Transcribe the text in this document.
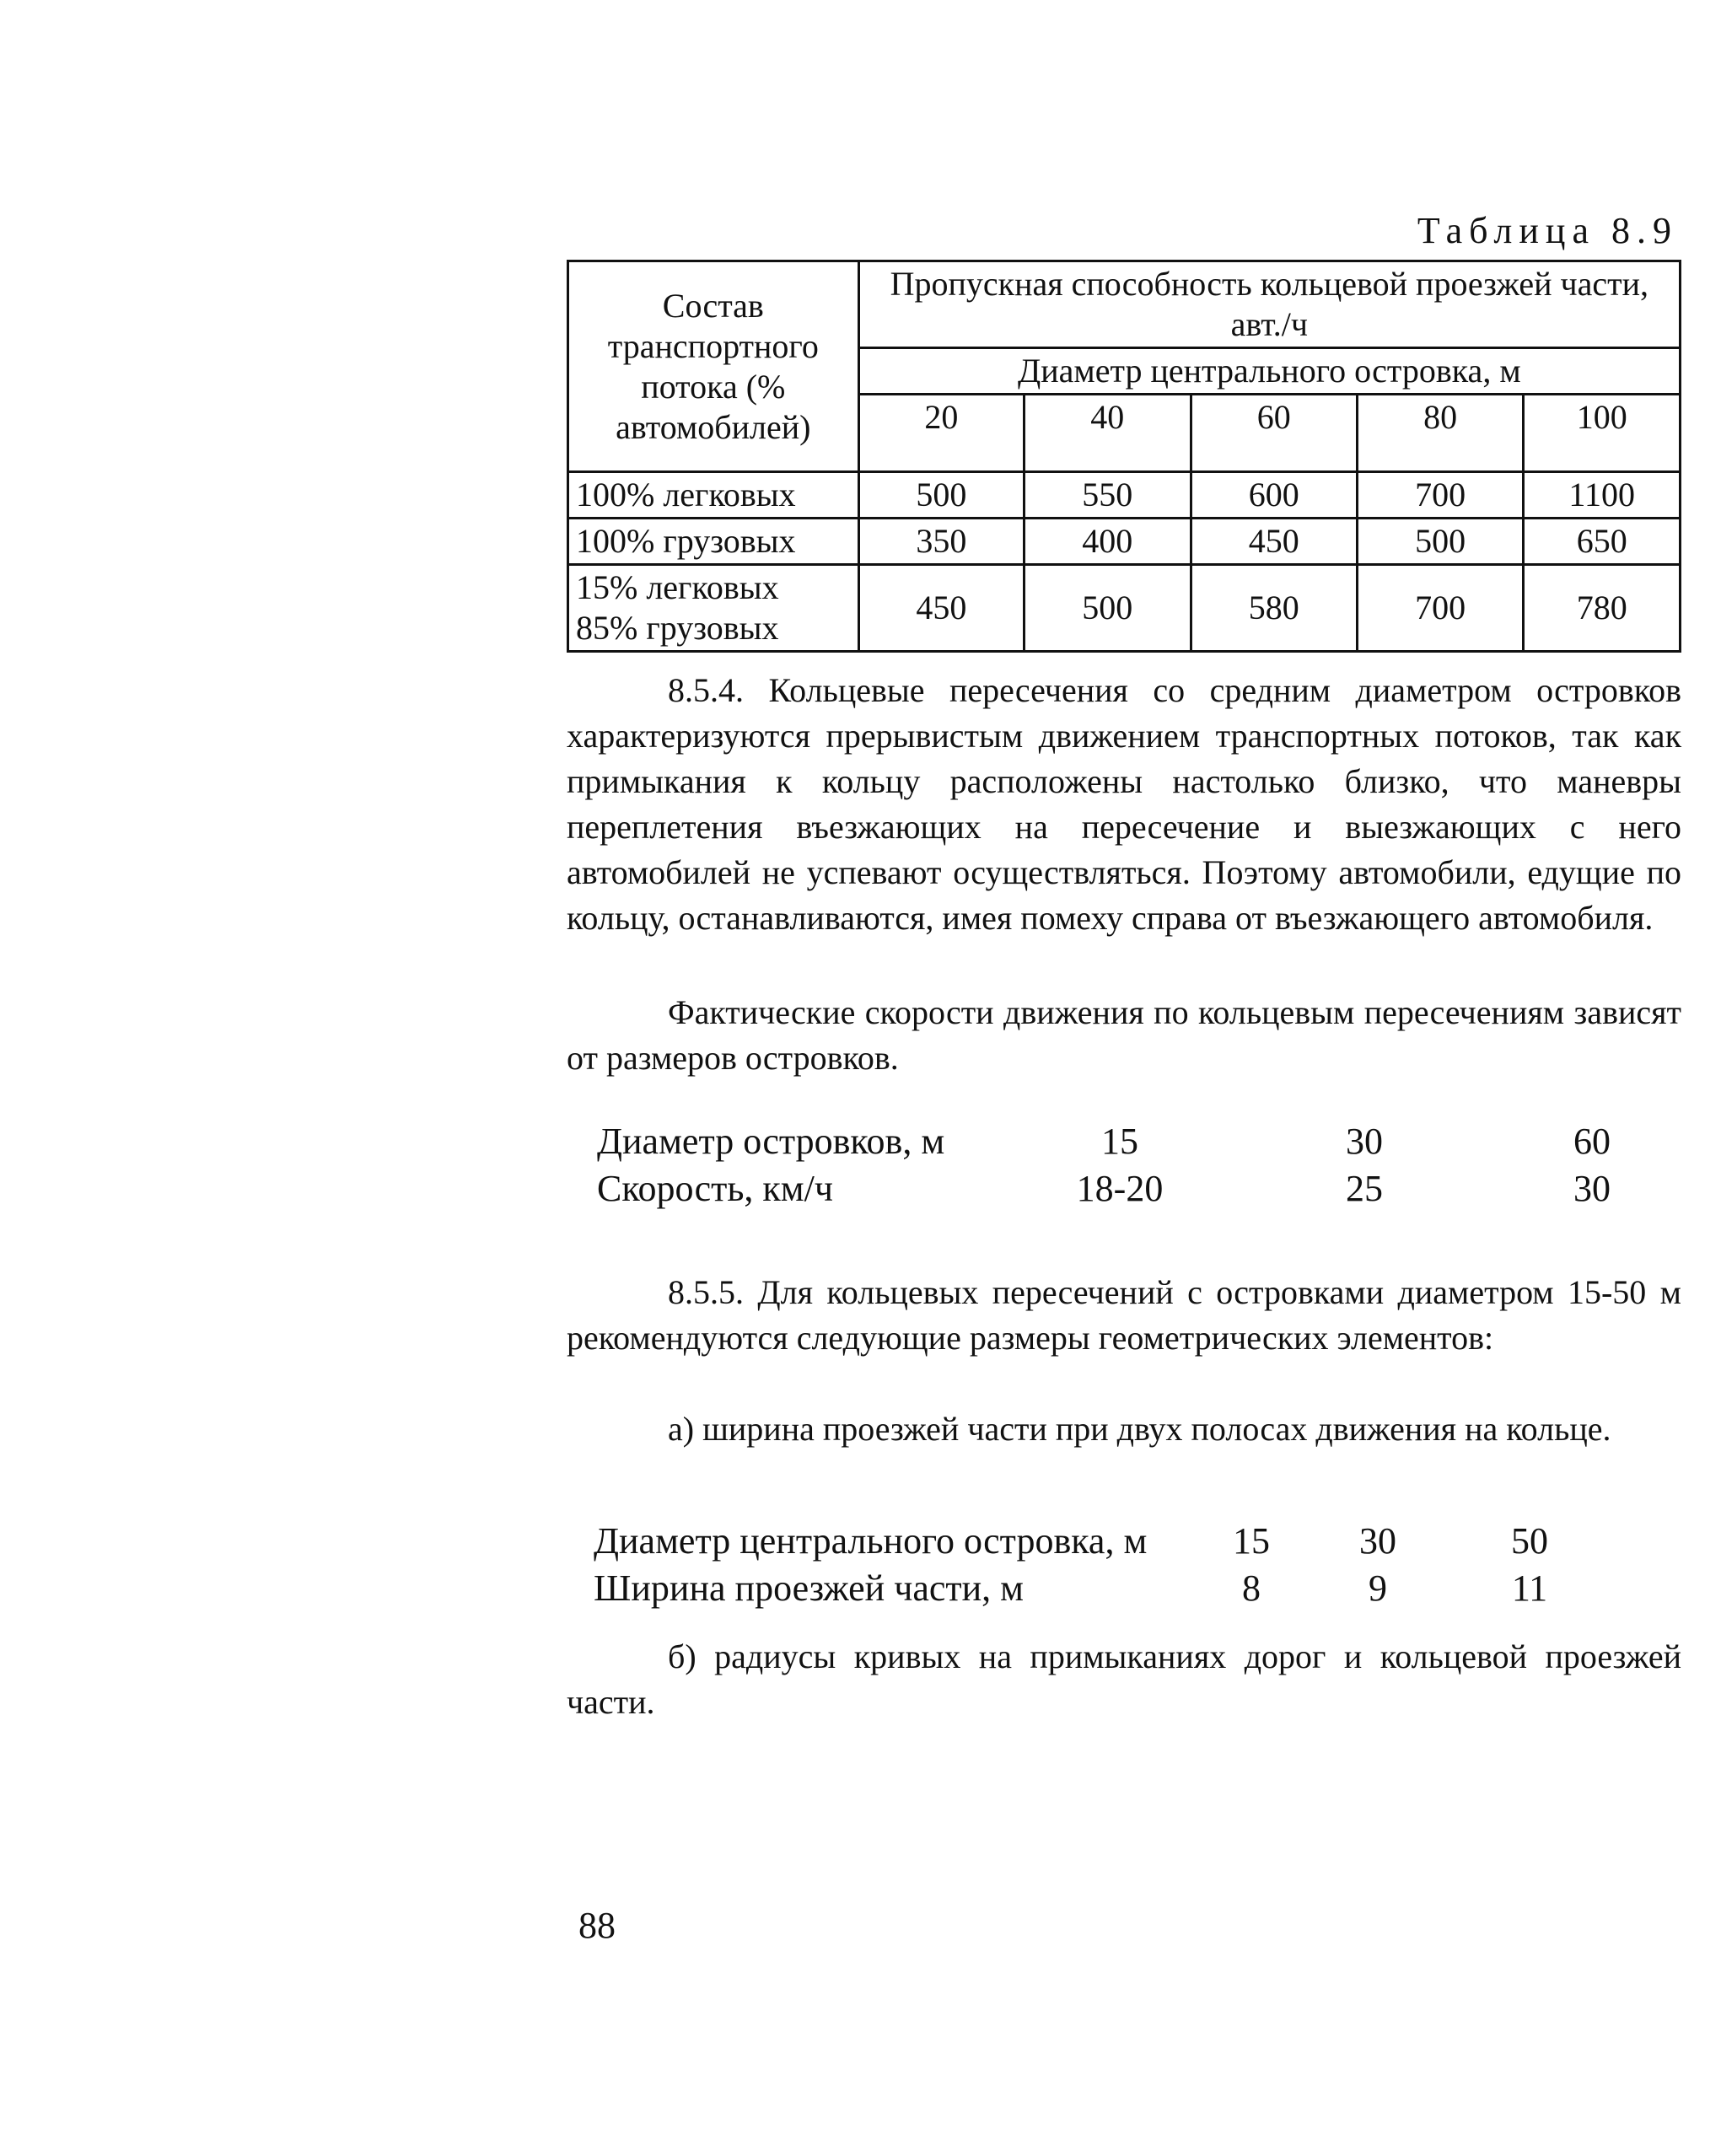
Таблица 8.9
Состав транспортного потока (% автомобилей)	Пропускная способность кольцевой проезжей части, авт./ч				
	Диаметр центрального островка, м				
	20	40	60	80	100
100% легковых	500	550	600	700	1100
100% грузовых	350	400	450	500	650

15% легковых
85% грузовых	450	500	580	700	780

8.5.4. Кольцевые пересечения со средним диаметром островков характеризуются прерывистым движением транспортных потоков, так как примыкания к кольцу расположены настолько близко, что маневры переплетения въезжающих на пересечение и выезжающих с него автомобилей не успевают осуществляться. Поэтому автомобили, едущие по кольцу, останавливаются, имея помеху справа от въезжающего автомобиля.

Фактические скорости движения по кольцевым пересечениям зависят от размеров островков.

Диаметр островков, м	15	30	60
Скорость, км/ч	18-20	25	30

8.5.5. Для кольцевых пересечений с островками диаметром 15-50 м рекомендуются следующие размеры геометрических элементов:

а) ширина проезжей части при двух полосах движения на кольце.

Диаметр центрального островка, м	15	30	50
Ширина проезжей части, м	8	9	11

б) радиусы кривых на примыканиях дорог и кольцевой проезжей части.

88
